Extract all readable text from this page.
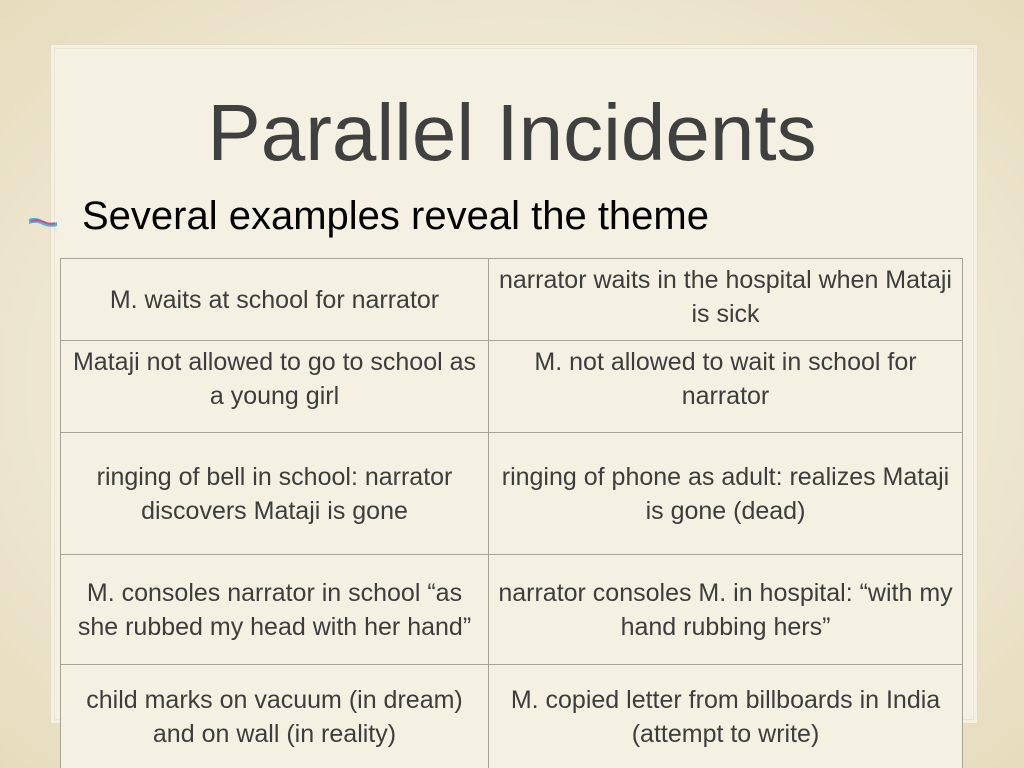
Parallel Incidents
Several examples reveal the theme
M. waits at school for narrator	narrator waits in the hospital when Mataji is sick
Mataji not allowed to go to school as a young girl	M. not allowed to wait in school for narrator
ringing of bell in school: narrator discovers Mataji is gone	ringing of phone as adult: realizes Mataji is gone (dead)
M. consoles narrator in school “as she rubbed my head with her hand”	narrator consoles M. in hospital: “with my hand rubbing hers”
child marks on vacuum (in dream) and on wall (in reality)	M. copied letter from billboards in India (attempt to write)
